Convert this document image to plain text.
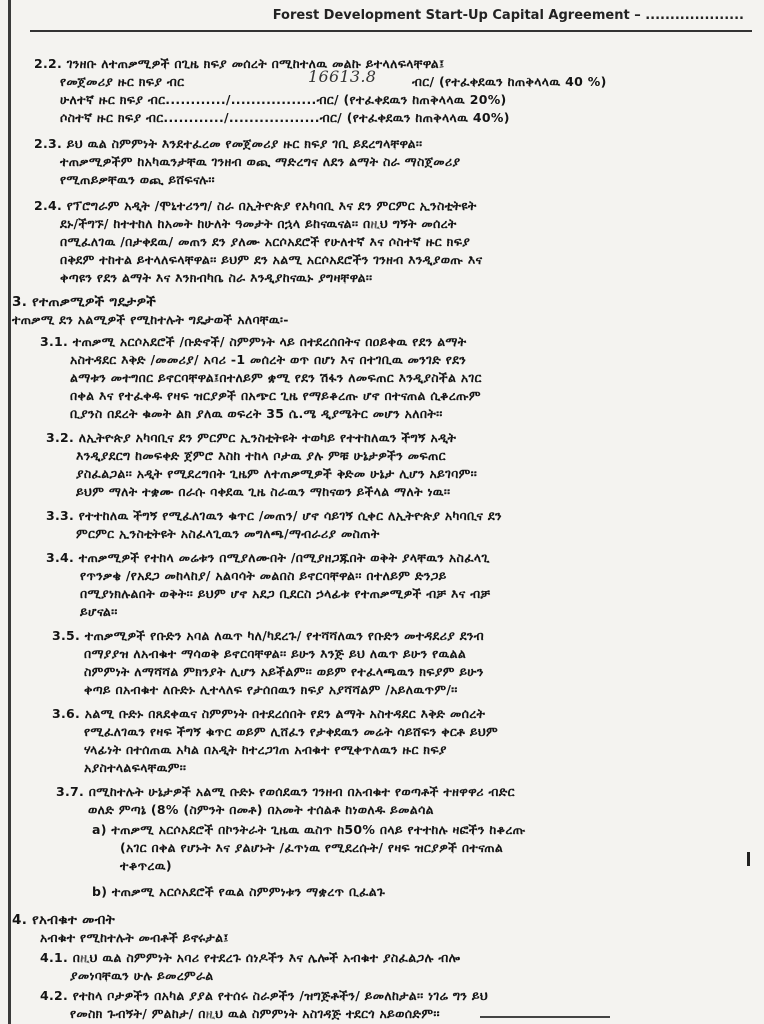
Forest Development Start-Up Capital Agreement – ....................
2.2. ገንዘቡ ለተጠቃሚዎች በጊዜ ክፍያ መሰረት በሚከተለዉ መልኩ ይተላለፍላቸዋል፤
የመጀመሪያ ዙር ክፍያ ብር	16613.8	ብር/ (የተፈቀደዉን ከጠቅላላዉ 40 %)
ሁለተኛ ዙር ክፍያ ብር............/.................ብር/ (የተፈቀደዉን ከጠቅላላዉ 20%)
ሶስተኛ ዙር ክፍያ ብር............/..................ብር/ (የተፈቀደዉን ከጠቅላላዉ 40%)
2.3. ይህ ዉል ስምምነት እንደተፈረመ የመጀመሪያ ዙር ክፍያ ገቢ ይደረግላቸዋል፡፡
ተጠቃሚዎችም ከአካዉንታቸዉ ገንዘብ ወጪ ማድረግና ለደን ልማት ስራ ማስጀመሪያ
የሚጠይቃቸዉን ወጪ ይሸፍናሉ፡፡
2.4. የፕሮግራም አዲት /ሞኒተሪንግ/ ስራ በኢትዮጵያ የአካባቢ እና ደን ምርምር ኢንስቲትዩት
ደኑ/ችግኙ/ ከተተከለ ከአመት ከሁለት ዓመታት በኋላ ይከናዉናል፡፡ በዚህ ግኝት መሰረት
በሚፈለገዉ /በታቀደዉ/ መጠን ደን ያለሙ አርሶአደሮች የሁለተኛ እና ሶስተኛ ዙር ክፍያ
በቅደም ተከተል ይተላለፍላቸዋል፡፡ ይህም ደን አልሚ አርሶአደሮችን ገንዘብ እንዲያወጡ እና
ቀጣዩን የደን ልማት እና እንክብካቤ ስራ እንዲያከናዉኑ ያግዛቸዋል፡፡
3. የተጠቃሚዎች ግዴታዎች
ተጠቃሚ ደን አልሚዎች የሚከተሉት ግዴታወች አለባቸዉ፡-
3.1. ተጠቃሚ አርሶአደሮች /ቡድኖች/ ስምምነት ላይ በተደረሰበትና በዐይቀዉ የደን ልማት
አስተዳደር እቅድ /መመሪያ/ አባሪ -1 መሰረት ወጥ በሆነ እና በተገቢዉ መንገድ የደን
ልማቱን መተግበር ይኖርባቸዋል፤በተለይም ቋሚ የደን ሽፋን ለመፍጠር እንዲያስችል አገር
በቀል እና የተፈቀዱ የዛፍ ዝርያዎች በአጭር ጊዜ የማይቆረጡ ሆኖ በተናጠል ሲቆረጡም
ቢያንስ በደረት ቁመት ልክ ያለዉ ወፍረት 35 ሴ.ሜ ዲያሜትር መሆን አለበት፡፡
3.2. ለኢትዮጵያ አካባቢና ደን ምርምር ኢንስቲትዩት ተወካይ የተተከለዉን ችግኝ አዲት
እንዲያደርግ ከመፍቀድ ጀምሮ እስከ ተከላ ቦታዉ ያሉ ምቹ ሁኔታዎችን መፍጠር
ያስፈልጋል፡፡ አዲት የሚደረግበት ጊዜም ለተጠቃሚዎች ቅድመ ሁኔታ ሊሆን አይገባም፡፡
ይህም ማለት ተቋሙ በራሱ ባቀደዉ ጊዜ ስራዉን ማከናወን ይችላል ማለት ነዉ፡፡
3.3. የተተከለዉ ችግኝ የሚፈለገዉን ቁጥር /መጠን/ ሆኖ ሳይገኝ ሲቀር ለኢትዮጵያ አካባቢና ደን
ምርምር ኢንስቲትዩት አስፈላጊዉን መግለጫ/ማብራሪያ መስጠት
3.4. ተጠቃሚዎች የተከላ መሬቱን በሚያለሙበት /በሚያዘጋጁበት ወቅት ያላቸዉን አስፈላጊ
የጥንቃቄ /የአደጋ መከላከያ/ አልባሳት መልበስ ይኖርባቸዋል፡፡ በተለይም ድንጋይ
በሚያነክሉልበት ወቅት፡፡ ይህም ሆኖ አደጋ ቢደርስ ኃላፊቱ የተጠቃሚዎች ብቻ እና ብቻ
ይሆናል፡፡
3.5. ተጠቃሚዎች የቡድን አባል ለዉጥ ካለ/ካደረጉ/ የተሻሻለዉን የቡድን መተዳደሪያ ደንብ
በማያያዝ ለአብቁተ ማሳወቅ ይኖርባቸዋል፡፡ ይሁን እንጅ ይህ ለዉጥ ይሁን የዉልል
ስምምነት ለማሻሻል ምክንያት ሊሆን አይችልም፡፡ ወይም የተፈላጫዉን ክፍያም ይሁን
ቀጣይ በአብቁተ ለቡድኑ ሊተላለፍ የታሰበዉን ክፍያ አያሻሻልም /አይለዉጥም/፡፡
3.6. አልሚ ቡድኑ በጸደቀዉና ስምምነት በተደረሰበት የደን ልማት አስተዳደር እቅድ መሰረት
የሚፈለገዉን የዛፍ ችግኝ ቁጥር ወይም ሊሸፈን የታቀደዉን መሬት ሳይሸፍን ቀርቶ ይህም
ሃላፊነት በተሰጠዉ አካል በአዲት ከተረጋገጠ አብቁተ የሚቀጥለዉን ዙር ክፍያ
አያስተላልፍላቸዉም፡፡
3.7. በሚከተሉት ሁኔታዎች አልሚ ቡድኑ የወሰደዉን ገንዘብ በአብቁተ የወጣቶች ተዘዋዋሪ ብድር
ወለድ ምጣኔ (8% (ስምንት በመቶ) በአመት ተሰልቶ ከነወለዱ ይመልሳል
a) ተጠቃሚ አርሶአደሮች በኮንትራት ጊዜዉ ዉስጥ ከ50% በላይ የተተከሉ ዛፎችን ከቆረጡ
(አገር በቀል የሆኑት እና ያልሆኑት /ፈጥነዉ የሚደረሱት/ የዛፍ ዝርያዎች በተናጠል
ተቆጥረዉ)
b) ተጠቃሚ አርሶአደሮች የዉል ስምምነቱን ማቋረጥ ቢፈልጉ
4. የአብቁተ መብት
አብቁተ የሚከተሉት መብቶች ይኖሩታል፤
4.1. በዚህ ዉል ስምምነት አባሪ የተደረጉ ሰነዶችን እና ሌሎች አብቁተ ያስፈልጋሉ ብሎ
ያመነባቸዉን ሁሉ ይመረምራል
4.2. የተከላ ቦታዎችን በአካል ያያል የተሰሩ ስራዎችን /ዝግጅቶችን/ ይመለከታል፡፡ ነገሬ ግን ይህ
የመስክ ጉብኝት/ ምልከታ/ በዚህ ዉል ስምምነት አስገዳጅ ተደርጎ አይወሰድም፡፡
